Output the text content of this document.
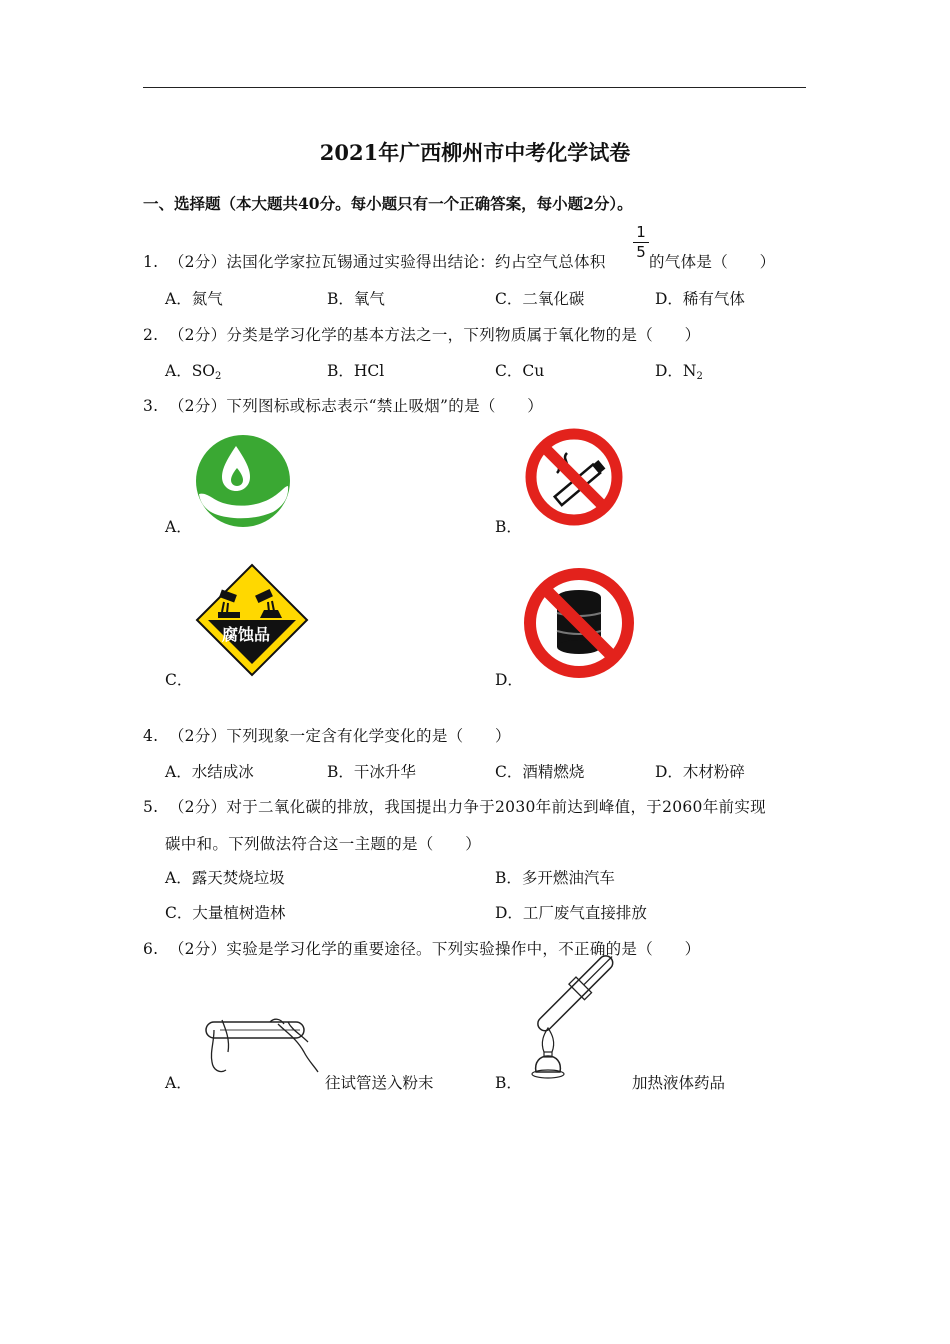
2021年广西柳州市中考化学试卷
一、选择题（本大题共40分。每小题只有一个正确答案，每小题2分）。
1. （2分）法国化学家拉瓦锡通过实验得出结论：约占空气总体积
1
5
的气体是（　　）
A．氮气	B．氧气	C．二氧化碳	D．稀有气体
2. （2分）分类是学习化学的基本方法之一，下列物质属于氧化物的是（　　）
A．$SO_2$	B．HCl	C．Cu	D．$N_2$
3. （2分）下列图标或标志表示“禁止吸烟”的是（　　）
A．	B．
C．
腐蚀品
D．
4. （2分）下列现象一定含有化学变化的是（　　）
A．水结成冰	B．干冰升华	C．酒精燃烧	D．木材粉碎
5. （2分）对于二氧化碳的排放，我国提出力争于2030年前达到峰值，于2060年前实现
碳中和。下列做法符合这一主题的是（　　）
A．露天焚烧垃圾	B．多开燃油汽车
C．大量植树造林	D．工厂废气直接排放
6. （2分）实验是学习化学的重要途径。下列实验操作中，不正确的是（　　）
A．	往试管送入粉末	B．	加热液体药品
